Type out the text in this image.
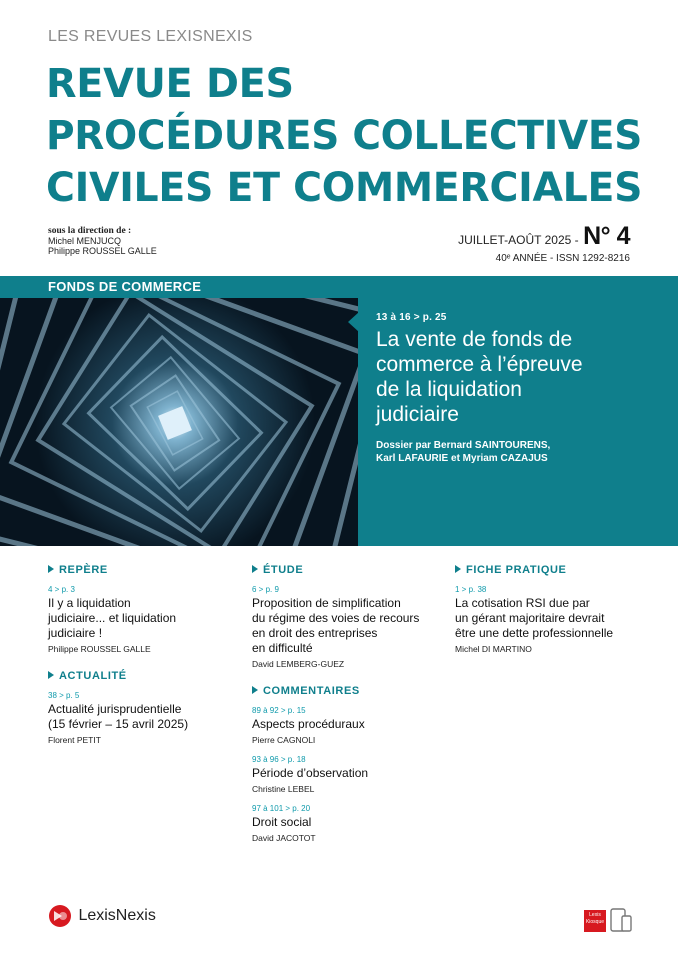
LES REVUES LEXISNEXIS
REVUE DES
PROCÉDURES COLLECTIVES
CIVILES ET COMMERCIALES
sous la direction de :
Michel MENJUCQ
Philippe ROUSSEL GALLE
JUILLET-AOÛT 2025 - N° 4
40ᵉ ANNÉE - ISSN 1292-8216
FONDS DE COMMERCE
13 à 16 > p. 25
La vente de fonds de
commerce à l’épreuve
de la liquidation
judiciaire
Dossier par Bernard SAINTOURENS,
Karl LAFAURIE et Myriam CAZAJUS
REPÈRE
4 > p. 3
Il y a liquidation
judiciaire... et liquidation
judiciaire !
Philippe ROUSSEL GALLE
ACTUALITÉ
38 > p. 5
Actualité jurisprudentielle
(15 février – 15 avril 2025)
Florent PETIT
ÉTUDE
6 > p. 9
Proposition de simplification
du régime des voies de recours
en droit des entreprises
en difficulté
David LEMBERG-GUEZ
COMMENTAIRES
89 à 92 > p. 15
Aspects procéduraux
Pierre CAGNOLI
93 à 96 > p. 18
Période d’observation
Christine LEBEL
97 à 101 > p. 20
Droit social
David JACOTOT
FICHE PRATIQUE
1 > p. 38
La cotisation RSI due par
un gérant majoritaire devrait
être une dette professionnelle
Michel DI MARTINO
LexisNexis	Lexis Kiosque
